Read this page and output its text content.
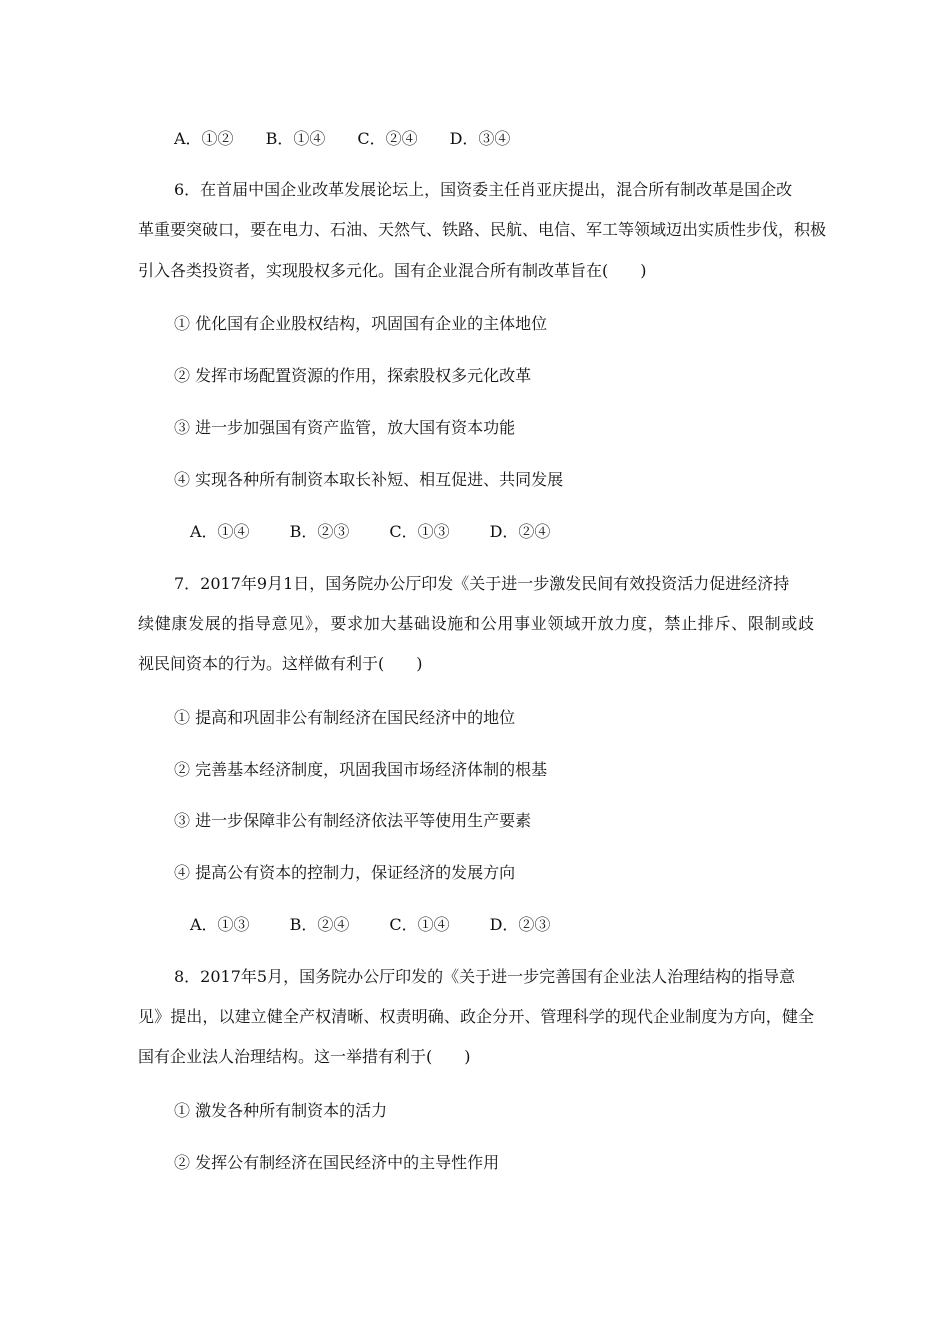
A．①② B．①④ C．②④ D．③④
6．在首届中国企业改革发展论坛上，国资委主任肖亚庆提出，混合所有制改革是国企改
革重要突破口，要在电力、石油、天然气、铁路、民航、电信、军工等领域迈出实质性步伐，积极
引入各类投资者，实现股权多元化。国有企业混合所有制改革旨在(　　)
① 优化国有企业股权结构，巩固国有企业的主体地位
② 发挥市场配置资源的作用，探索股权多元化改革
③ 进一步加强国有资产监管，放大国有资本功能
④ 实现各种所有制资本取长补短、相互促进、共同发展
A．①④	B．②③	C．①③	D．②④
7．2017年9月1日，国务院办公厅印发《关于进一步激发民间有效投资活力促进经济持
续健康发展的指导意见》，要求加大基础设施和公用事业领域开放力度，禁止排斥、限制或歧
视民间资本的行为。这样做有利于(　　)
① 提高和巩固非公有制经济在国民经济中的地位
② 完善基本经济制度，巩固我国市场经济体制的根基
③ 进一步保障非公有制经济依法平等使用生产要素
④ 提高公有资本的控制力，保证经济的发展方向
A．①③	B．②④	C．①④	D．②③
8．2017年5月，国务院办公厅印发的《关于进一步完善国有企业法人治理结构的指导意
见》提出，以建立健全产权清晰、权责明确、政企分开、管理科学的现代企业制度为方向，健全
国有企业法人治理结构。这一举措有利于(　　)
① 激发各种所有制资本的活力
② 发挥公有制经济在国民经济中的主导性作用
